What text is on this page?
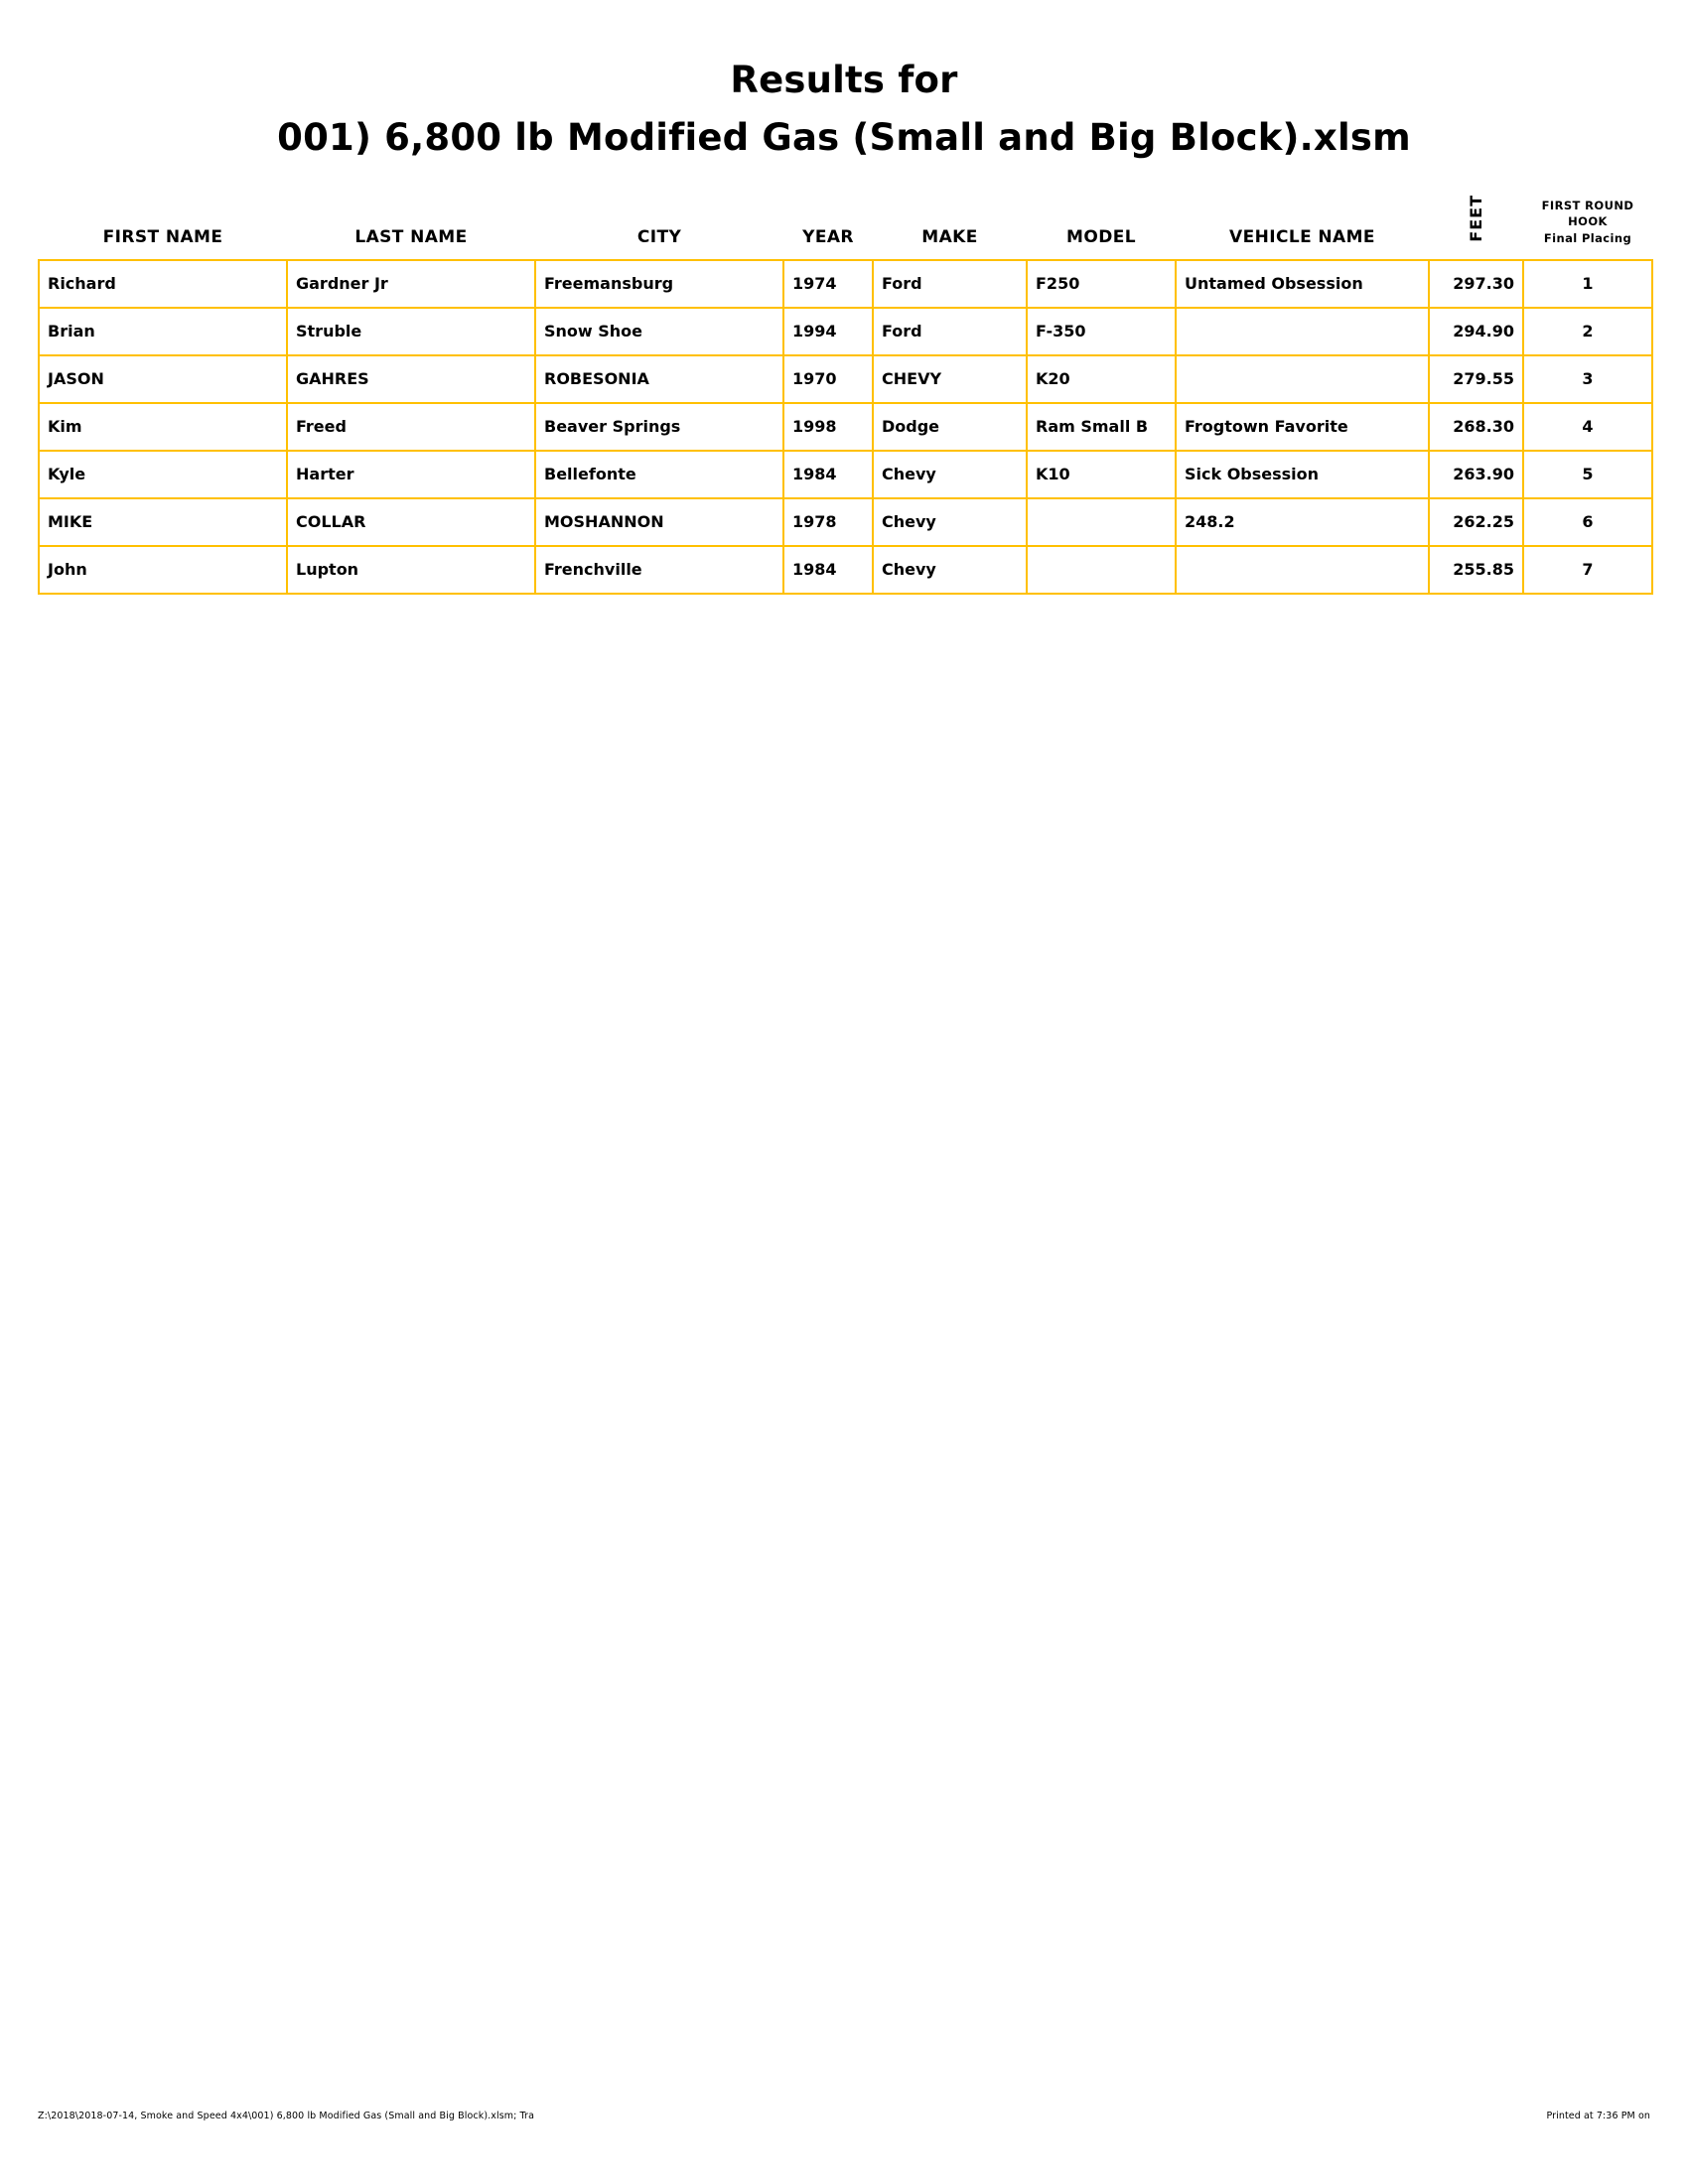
Results for
001) 6,800 lb Modified Gas (Small and Big Block).xlsm
FIRST NAME	LAST NAME	CITY	YEAR	MAKE	MODEL	VEHICLE NAME	FEET	FIRST ROUND
HOOK
Final Placing

Richard	Gardner Jr	Freemansburg	1974	Ford	F250	Untamed Obsession	297.30	1
Brian	Struble	Snow Shoe	1994	Ford	F-350		294.90	2
JASON	GAHRES	ROBESONIA	1970	CHEVY	K20		279.55	3
Kim	Freed	Beaver Springs	1998	Dodge	Ram Small B	Frogtown Favorite	268.30	4
Kyle	Harter	Bellefonte	1984	Chevy	K10	Sick Obsession	263.90	5
MIKE	COLLAR	MOSHANNON	1978	Chevy		248.2	262.25	6
John	Lupton	Frenchville	1984	Chevy			255.85	7
Z:\2018\2018-07-14, Smoke and Speed 4x4\001) 6,800 lb Modified Gas (Small and Big Block).xlsm; Tra	Printed at 7:36 PM on
